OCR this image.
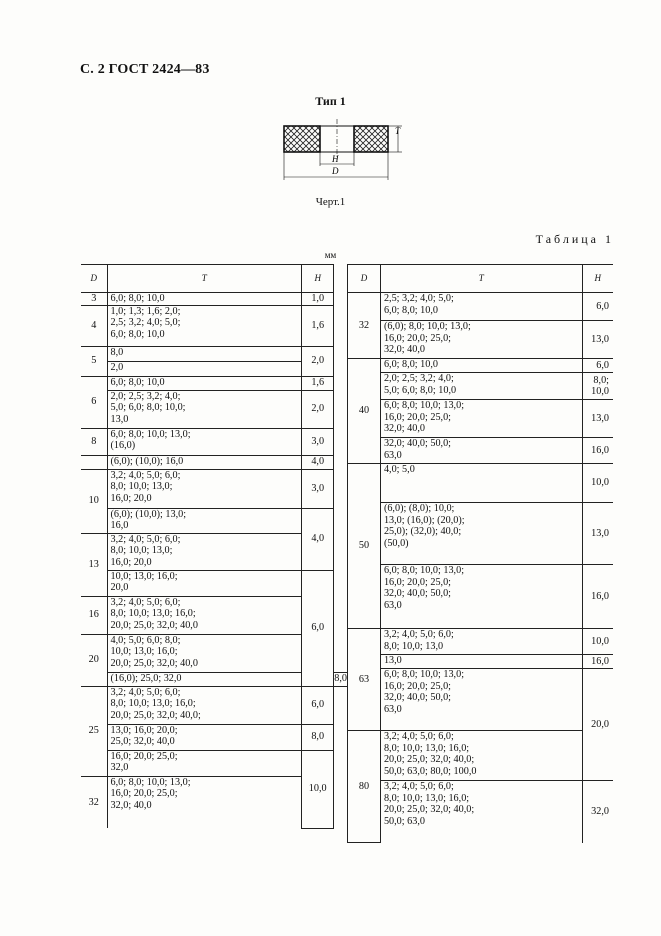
С. 2 ГОСТ 2424—83
Тип 1
T
H
D
Черт.1
Таблица 1
мм
D	T	H	
3	6,0; 8,0; 10,0	1,0	
4	1,0; 1,3; 1,6; 2,0;
2,5; 3,2; 4,0; 5,0;
6,0; 8,0; 10,0	1,6	
5	8,0	2,0	
	2,0		
6	6,0; 8,0; 10,0	1,6	
	2,0; 2,5; 3,2; 4,0;
5,0; 6,0; 8,0; 10,0;
13,0	2,0	
8	6,0; 8,0; 10,0; 13,0;
(16,0)	3,0	
	(6,0); (10,0); 16,0	4,0	
10	3,2; 4,0; 5,0; 6,0;
8,0; 10,0; 13,0;
16,0; 20,0	3,0	
	(6,0); (10,0); 13,0;
16,0	4,0	
13	3,2; 4,0; 5,0; 6,0;
8,0; 10,0; 13,0;
16,0; 20,0		
	10,0; 13,0; 16,0;
20,0	6,0	
16	3,2; 4,0; 5,0; 6,0;
8,0; 10,0; 13,0; 16,0;
20,0; 25,0; 32,0; 40,0		
20	4,0; 5,0; 6,0; 8,0;
10,0; 13,0; 16,0;
20,0; 25,0; 32,0; 40,0		
	(16,0); 25,0; 32,0		8,0
25	3,2; 4,0; 5,0; 6,0;
8,0; 10,0; 13,0; 16,0;
20,0; 25,0; 32,0; 40,0;	6,0	
	13,0; 16,0; 20,0;
25,0; 32,0; 40,0	8,0	
	16,0; 20,0; 25,0;
32,0	10,0	
32	6,0; 8,0; 10,0; 13,0;
16,0; 20,0; 25,0;
32,0; 40,0		
D	T	H
32	2,5; 3,2; 4,0; 5,0;
6,0; 8,0; 10,0	6,0
	(6,0); 8,0; 10,0; 13,0;
16,0; 20,0; 25,0;
32,0; 40,0	13,0
40	6,0; 8,0; 10,0	6,0
	2,0; 2,5; 3,2; 4,0;
5,0; 6,0; 8,0; 10,0	8,0;
10,0
	6,0; 8,0; 10,0; 13,0;
16,0; 20,0; 25,0;
32,0; 40,0	13,0
	32,0; 40,0; 50,0;
63,0	16,0
50	4,0; 5,0	10,0
	(6,0); (8,0); 10,0;
13,0; (16,0); (20,0);
25,0); (32,0); 40,0;
(50,0)	13,0
	6,0; 8,0; 10,0; 13,0;
16,0; 20,0; 25,0;
32,0; 40,0; 50,0;
63,0	16,0
63	3,2; 4,0; 5,0; 6,0;
8,0; 10,0; 13,0	10,0
	13,0	16,0
	6,0; 8,0; 10,0; 13,0;
16,0; 20,0; 25,0;
32,0; 40,0; 50,0;
63,0	20,0
80	3,2; 4,0; 5,0; 6,0;
8,0; 10,0; 13,0; 16,0;
20,0; 25,0; 32,0; 40,0;
50,0; 63,0; 80,0; 100,0	
	3,2; 4,0; 5,0; 6,0;
8,0; 10,0; 13,0; 16,0;
20,0; 25,0; 32,0; 40,0;
50,0; 63,0	32,0
